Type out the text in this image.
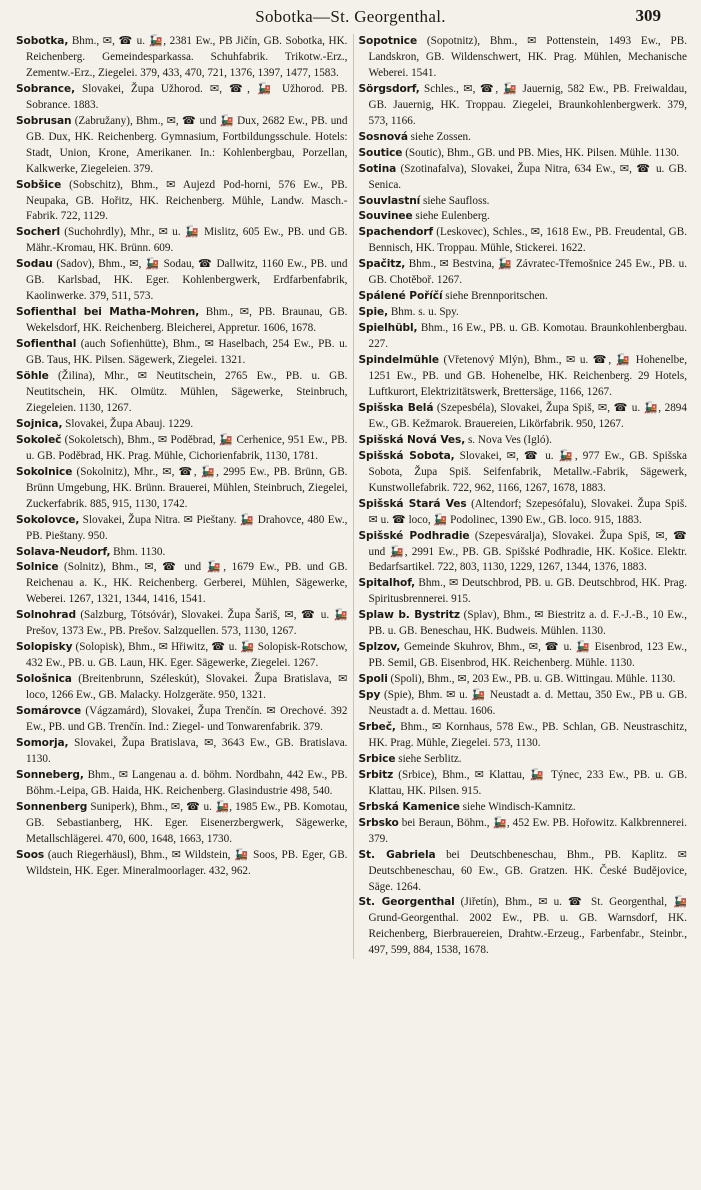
Sobotka—St. Georgenthal.	309

Sobotka, Bhm., ✉, ☎ u. 🚂, 2381 Ew., PB Jičín, GB. Sobotka, HK. Reichenberg. Gemeindesparkassa. Schuhfabrik. Trikotw.-Erz., Zementw.-Erz., Ziegelei. 379, 433, 470, 721, 1376, 1397, 1477, 1583.

Sobrance, Slovakei, Župa Užhorod. ✉, ☎, 🚂 Užhorod. PB. Sobrance. 1883.

Sobrusan (Zabružany), Bhm., ✉, ☎ und 🚂 Dux, 2682 Ew., PB. und GB. Dux, HK. Reichenberg. Gymnasium, Fortbildungsschule. Hotels: Stadt, Union, Krone, Amerikaner. In.: Kohlenbergbau, Porzellan, Kalkwerke, Ziegeleien. 379.

Sobšice (Sobschitz), Bhm., ✉ Aujezd Pod-horni, 576 Ew., PB. Neupaka, GB. Hořitz, HK. Reichenberg. Mühle, Landw. Masch.-Fabrik. 722, 1129.

Socherl (Suchohrdly), Mhr., ✉ u. 🚂 Mislitz, 605 Ew., PB. und GB. Mähr.-Kromau, HK. Brünn. 609.

Sodau (Sadov), Bhm., ✉, 🚂 Sodau, ☎ Dallwitz, 1160 Ew., PB. und GB. Karlsbad, HK. Eger. Kohlenbergwerk, Erdfarbenfabrik, Kaolinwerke. 379, 511, 573.

Sofienthal bei Matha-Mohren, Bhm., ✉, PB. Braunau, GB. Wekelsdorf, HK. Reichenberg. Bleicherei, Appretur. 1606, 1678.

Sofienthal (auch Sofienhütte), Bhm., ✉ Haselbach, 254 Ew., PB. u. GB. Taus, HK. Pilsen. Sägewerk, Ziegelei. 1321.

Söhle (Žilina), Mhr., ✉ Neutitschein, 2765 Ew., PB. u. GB. Neutitschein, HK. Olmütz. Mühlen, Sägewerke, Steinbruch, Ziegeleien. 1130, 1267.

Sojnica, Slovakei, Župa Abauj. 1229.

Sokoleč (Sokoletsch), Bhm., ✉ Poděbrad, 🚂 Cerhenice, 951 Ew., PB. u. GB. Poděbrad, HK. Prag. Mühle, Cichorienfabrik, 1130, 1781.

Sokolnice (Sokolnitz), Mhr., ✉, ☎, 🚂, 2995 Ew., PB. Brünn, GB. Brünn Umgebung, HK. Brünn. Brauerei, Mühlen, Steinbruch, Ziegelei, Zuckerfabrik. 885, 915, 1130, 1742.

Sokolovce, Slovakei, Župa Nitra. ✉ Pieštany. 🚂 Drahovce, 480 Ew., PB. Pieštany. 950.

Solava-Neudorf, Bhm. 1130.

Solnice (Solnitz), Bhm., ✉, ☎ und 🚂, 1679 Ew., PB. und GB. Reichenau a. K., HK. Reichenberg. Gerberei, Mühlen, Sägewerke, Weberei. 1267, 1321, 1344, 1416, 1541.

Solnohrad (Salzburg, Tótsóvár), Slovakei. Župa Šariš, ✉, ☎ u. 🚂 Prešov, 1373 Ew., PB. Prešov. Salzquellen. 573, 1130, 1267.

Solopisky (Solopisk), Bhm., ✉ Hřiwitz, ☎ u. 🚂 Solopisk-Rotschow, 432 Ew., PB. u. GB. Laun, HK. Eger. Sägewerke, Ziegelei. 1267.

Sološnica (Breitenbrunn, Széleskút), Slovakei. Župa Bratislava, ✉ loco, 1266 Ew., GB. Malacky. Holzgeräte. 950, 1321.

Somárovce (Vágzamárd), Slovakei, Župa Trenčín. ✉ Orechové. 392 Ew., PB. und GB. Trenčín. Ind.: Ziegel- und Tonwarenfabrik. 379.

Somorja, Slovakei, Župa Bratislava, ✉, 3643 Ew., GB. Bratislava. 1130.

Sonneberg, Bhm., ✉ Langenau a. d. böhm. Nordbahn, 442 Ew., PB. Böhm.-Leipa, GB. Haida, HK. Reichenberg. Glasindustrie 498, 540.

Sonnenberg Suniperk), Bhm., ✉, ☎ u. 🚂, 1985 Ew., PB. Komotau, GB. Sebastianberg, HK. Eger. Eisenerzbergwerk, Sägewerke, Metallschlägerei. 470, 600, 1648, 1663, 1730.

Soos (auch Riegerhäusl), Bhm., ✉ Wildstein, 🚂 Soos, PB. Eger, GB. Wildstein, HK. Eger. Mineralmoorlager. 432, 962.

Sopotnice (Sopotnitz), Bhm., ✉ Pottenstein, 1493 Ew., PB. Landskron, GB. Wildenschwert, HK. Prag. Mühlen, Mechanische Weberei. 1541.

Sörgsdorf, Schles., ✉, ☎, 🚂 Jauernig, 582 Ew., PB. Freiwaldau, GB. Jauernig, HK. Troppau. Ziegelei, Braunkohlenbergwerk. 379, 573, 1166.

Sosnová siehe Zossen.

Soutice (Soutic), Bhm., GB. und PB. Mies, HK. Pilsen. Mühle. 1130.

Sotina (Szotinafalva), Slovakei, Župa Nitra, 634 Ew., ✉, ☎ u. GB. Senica.

Souvlastní siehe Saufloss.

Souvinee siehe Eulenberg.

Spachendorf (Leskovec), Schles., ✉, 1618 Ew., PB. Freudental, GB. Bennisch, HK. Troppau. Mühle, Stickerei. 1622.

Spačitz, Bhm., ✉ Bestvina, 🚂 Závratec-Třemošnice 245 Ew., PB. u. GB. Chotěboř. 1267.

Spálené Poříčí siehe Brennporitschen.

Spie, Bhm. s. u. Spy.

Spielhübl, Bhm., 16 Ew., PB. u. GB. Komotau. Braunkohlenbergbau. 227.

Spindelmühle (Vřetenový Mlýn), Bhm., ✉ u. ☎, 🚂 Hohenelbe, 1251 Ew., PB. und GB. Hohenelbe, HK. Reichenberg. 29 Hotels, Luftkurort, Elektrizitätswerk, Brettersäge, 1166, 1267.

Spišska Belá (Szepesbéla), Slovakei, Župa Spiš, ✉, ☎ u. 🚂, 2894 Ew., GB. Kežmarok. Brauereien, Likörfabrik. 950, 1267.

Spišská Nová Ves, s. Nova Ves (Igló).

Spišská Sobota, Slovakei, ✉, ☎ u. 🚂, 977 Ew., GB. Spišska Sobota, Župa Spiš. Seifenfabrik, Metallw.-Fabrik, Sägewerk, Kunstwollefabrik. 722, 962, 1166, 1267, 1678, 1883.

Spišská Stará Ves (Altendorf; Szepesófalu), Slovakei. Župa Spiš. ✉ u. ☎ loco, 🚂 Podolinec, 1390 Ew., GB. loco. 915, 1883.

Spišské Podhradie (Szepesváralja), Slovakei. Župa Spiš, ✉, ☎ und 🚂, 2991 Ew., PB. GB. Spišské Podhradie, HK. Košice. Elektr. Bedarfsartikel. 722, 803, 1130, 1229, 1267, 1344, 1376, 1883.

Spitalhof, Bhm., ✉ Deutschbrod, PB. u. GB. Deutschbrod, HK. Prag. Spiritusbrennerei. 915.

Splaw b. Bystritz (Splav), Bhm., ✉ Biestritz a. d. F.-J.-B., 10 Ew., PB. u. GB. Beneschau, HK. Budweis. Mühlen. 1130.

Splzov, Gemeinde Skuhrov, Bhm., ✉, ☎ u. 🚂 Eisenbrod, 123 Ew., PB. Semil, GB. Eisenbrod, HK. Reichenberg. Mühle. 1130.

Spoli (Spoli), Bhm., ✉, 203 Ew., PB. u. GB. Wittingau. Mühle. 1130.

Spy (Spie), Bhm. ✉ u. 🚂 Neustadt a. d. Mettau, 350 Ew., PB u. GB. Neustadt a. d. Mettau. 1606.

Srbeč, Bhm., ✉ Kornhaus, 578 Ew., PB. Schlan, GB. Neustraschitz, HK. Prag. Mühle, Ziegelei. 573, 1130.

Srbice siehe Serblitz.

Srbitz (Srbice), Bhm., ✉ Klattau, 🚂 Týnec, 233 Ew., PB. u. GB. Klattau, HK. Pilsen. 915.

Srbská Kamenice siehe Windisch-Kamnitz.

Srbsko bei Beraun, Böhm., 🚂, 452 Ew. PB. Hořowitz. Kalkbrennerei. 379.

St. Gabriela bei Deutschbeneschau, Bhm., PB. Kaplitz. ✉ Deutschbeneschau, 60 Ew., GB. Gratzen. HK. České Budějovice, Säge. 1264.

St. Georgenthal (Jiřetín), Bhm., ✉ u. ☎ St. Georgenthal, 🚂 Grund-Georgenthal. 2002 Ew., PB. u. GB. Warnsdorf, HK. Reichenberg, Bierbrauereien, Drahtw.-Erzeug., Farbenfabr., Steinbr., 497, 599, 884, 1538, 1678.
